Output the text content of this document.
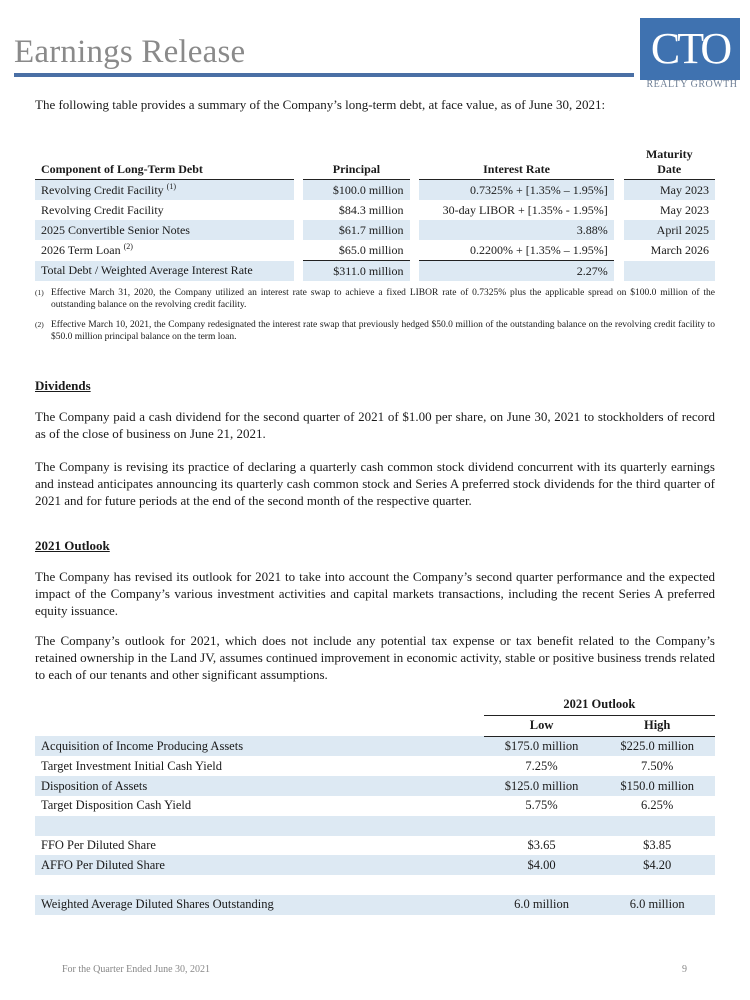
Earnings Release	CTO
REALTY GROWTH
The following table provides a summary of the Company’s long-term debt, at face value, as of June 30, 2021:
Component of Long-Term Debt		Principal		Interest Rate		Maturity
Date

Revolving Credit Facility $^{(1)}$		$100.0 million		0.7325% + [1.35% – 1.95%]		May 2023
Revolving Credit Facility		$84.3 million		30-day LIBOR + [1.35% - 1.95%]		May 2023
2025 Convertible Senior Notes		$61.7 million		3.88%		April 2025
2026 Term Loan $^{(2)}$		$65.0 million		0.2200% + [1.35% – 1.95%]		March 2026
Total Debt / Weighted Average Interest Rate		$311.0 million		2.27%		
(1) Effective March 31, 2020, the Company utilized an interest rate swap to achieve a fixed LIBOR rate of 0.7325% plus the applicable spread on $100.0 million of the outstanding balance on the revolving credit facility.
(2) Effective March 10, 2021, the Company redesignated the interest rate swap that previously hedged $50.0 million of the outstanding balance on the revolving credit facility to $50.0 million principal balance on the term loan.
Dividends
The Company paid a cash dividend for the second quarter of 2021 of $1.00 per share, on June 30, 2021 to stockholders of record as of the close of business on June 21, 2021.
The Company is revising its practice of declaring a quarterly cash common stock dividend concurrent with its quarterly earnings and instead anticipates announcing its quarterly cash common stock and Series A preferred stock dividends for the third quarter of 2021 and for future periods at the end of the second month of the respective quarter.
2021 Outlook
The Company has revised its outlook for 2021 to take into account the Company’s second quarter performance and the expected impact of the Company’s various investment activities and capital markets transactions, including the recent Series A preferred equity issuance.
The Company’s outlook for 2021, which does not include any potential tax expense or tax benefit related to the Company’s retained ownership in the Land JV, assumes continued improvement in economic activity, stable or positive business trends related to each of our tenants and other significant assumptions.
	2021 Outlook	
	Low	High
Acquisition of Income Producing Assets	$175.0 million	$225.0 million
Target Investment Initial Cash Yield	7.25%	7.50%
Disposition of Assets	$125.0 million	$150.0 million
Target Disposition Cash Yield	5.75%	6.25%

FFO Per Diluted Share	$3.65	$3.85
AFFO Per Diluted Share	$4.00	$4.20

Weighted Average Diluted Shares Outstanding	6.0 million	6.0 million
For the Quarter Ended June 30, 2021	9
